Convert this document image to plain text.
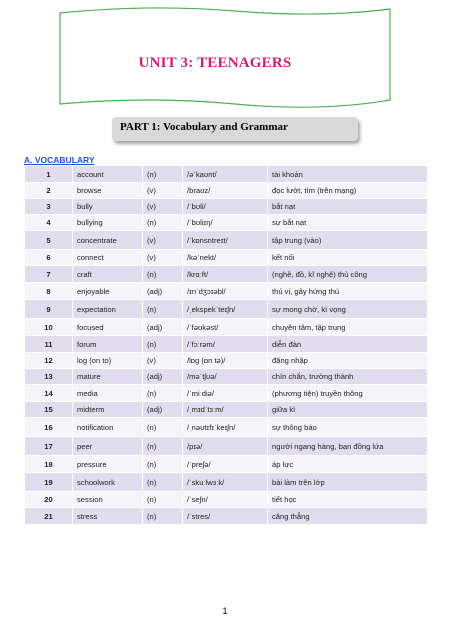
UNIT 3: TEENAGERS
PART 1: Vocabulary and Grammar
A. VOCABULARY
1	account	(n)	/əˈkaʊnt/	tài khoản
2	browse	(v)	/braʊz/	đọc lướt, tìm (trên mạng)
3	bully	(v)	/ˈbʊli/	bắt nạt
4	bullying	(n)	/ˈbʊliɪŋ/	sự bắt nạt
5	concentrate	(v)	/ˈkɒnsntreɪt/	tập trung (vào)
6	connect	(v)	/kəˈnekt/	kết nối
7	craft	(n)	/krɑːft/	(nghề, đồ, kĩ nghệ) thủ công
8	enjoyable	(adj)	/ɪnˈdʒɔɪəbl/	thú vị, gây hứng thú
9	expectation	(n)	/ˌekspekˈteɪʃn/	sự mong chờ, kì vọng
10	focused	(adj)	/ˈfəʊkəst/	chuyên tâm, tập trung
11	forum	(n)	/ˈfɔːrəm/	diễn đàn
12	log (on to)	(v)	/lɒg (ɒn tə)/	đăng nhập
13	mature	(adj)	/məˈtʃʊə/	chín chắn, trưởng thành
14	media	(n)	/ˈmiːdiə/	(phương tiện) truyền thông
15	midterm	(adj)	/ˌmɪdˈtɜːm/	giữa kì
16	notification	(n)	/ˌnəʊtɪfɪˈkeɪʃn/	sự thông báo
17	peer	(n)	/pɪə/	người ngang hàng, bạn đồng lứa
18	pressure	(n)	/ˈpreʃə/	áp lực
19	schoolwork	(n)	/ˈskuːlwɜːk/	bài làm trên lớp
20	session	(n)	/ˈseʃn/	tiết học
21	stress	(n)	/ˈstres/	căng thẳng
1
